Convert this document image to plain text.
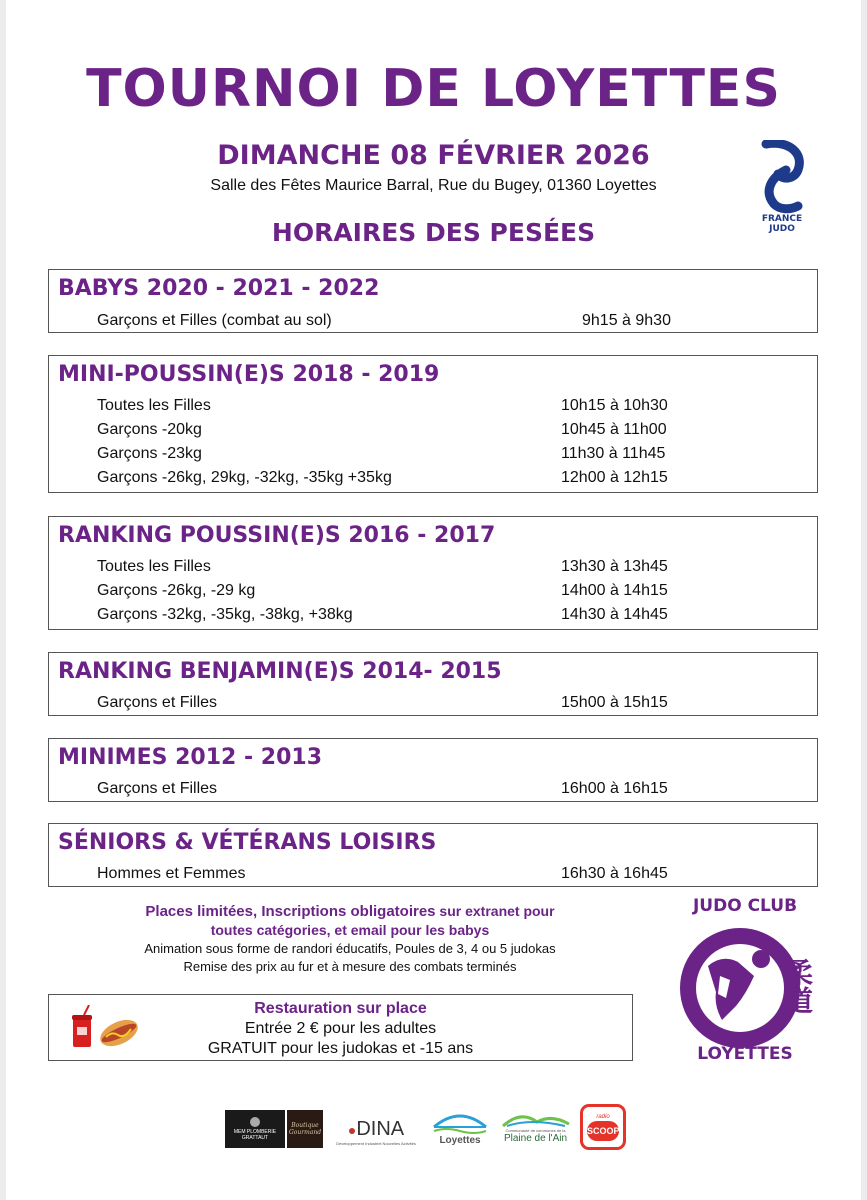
TOURNOI DE LOYETTES
DIMANCHE 08 FÉVRIER 2026
Salle des Fêtes Maurice Barral, Rue du Bugey, 01360 Loyettes
HORAIRES DES PESÉES	FRANCE
JUDO
BABYS 2020 - 2021 - 2022
Garçons et Filles (combat au sol)	9h15 à 9h30
MINI-POUSSIN(E)S 2018 - 2019
Toutes les Filles	10h15 à 10h30
Garçons -20kg	10h45 à 11h00
Garçons -23kg	11h30 à 11h45
Garçons -26kg, 29kg, -32kg, -35kg +35kg	12h00 à 12h15
RANKING POUSSIN(E)S 2016 - 2017
Toutes les Filles	13h30 à 13h45
Garçons -26kg, -29 kg	14h00 à 14h15
Garçons -32kg, -35kg, -38kg, +38kg	14h30 à 14h45
RANKING BENJAMIN(E)S 2014- 2015
Garçons et Filles	15h00 à 15h15
MINIMES 2012 - 2013
Garçons et Filles	16h00 à 16h15
SÉNIORS & VÉTÉRANS LOISIRS
Hommes et Femmes	16h30 à 16h45
Places limitées, Inscriptions obligatoires sur extranet pour
toutes catégories, et email pour les babys
Animation sous forme de randori éducatifs, Poules de 3, 4 ou 5 judokas
Remise des prix au fur et à mesure des combats terminés
Restauration sur place
Entrée 2 € pour les adultes
GRATUIT pour les judokas et -15 ans
JUDO CLUB
柔道
LOYETTES
MEM PLOMBERIE GRATTAUT
Boutique Gourmand ●DINA
Développement Industriel Nouvelles Activités Loyettes
Communauté de communes de la
Plaine de l'Ain
radio
SCOOP
